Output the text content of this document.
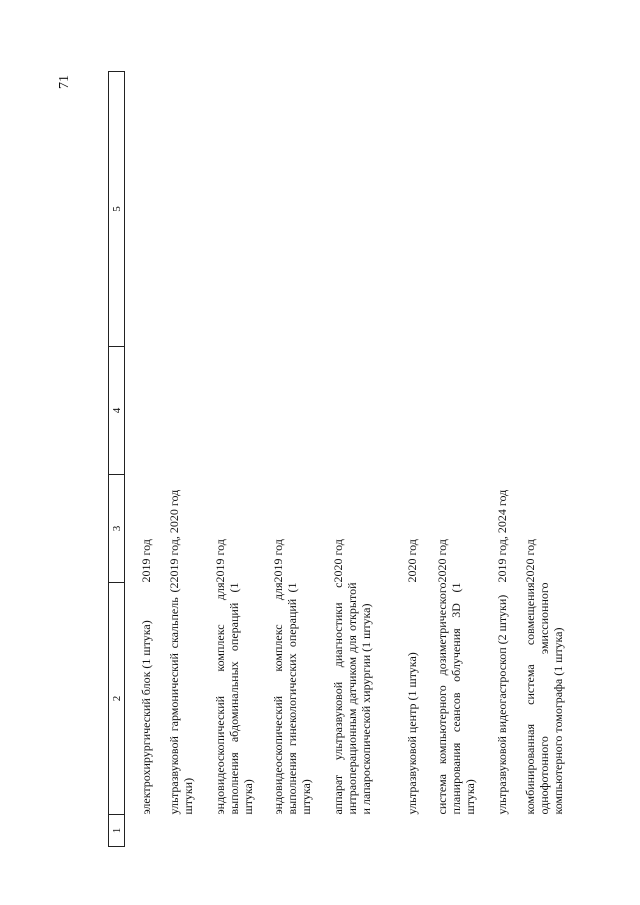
71
1	2	3	4	5

	электрохирургический блок (1 штука)	2019 год		
	ультразвуковой гармонический скальпель (2 штуки)	2019 год, 2020 год		
	эндовидеоскопический комплекс для выполнения абдоминальных операций (1 штука)	2019 год		
	эндовидеоскопический комплекс для выполнения гинекологических операций (1 штука)	2019 год		
	аппарат ультразвуковой диагностики с интраоперационным датчиком для открытой и лапароскопической хирургии (1 штука)	2020 год		
	ультразвуковой центр (1 штука)	2020 год		
	система компьютерного дозиметрического планирования сеансов облучения 3D (1 штука)	2020 год		
	ультразвуковой видеогастроскоп (2 штуки)	2019 год, 2024 год		
	комбинированная система совмещения однофотонного эмиссионного компьютерного томографа (1 штука)	2020 год		
